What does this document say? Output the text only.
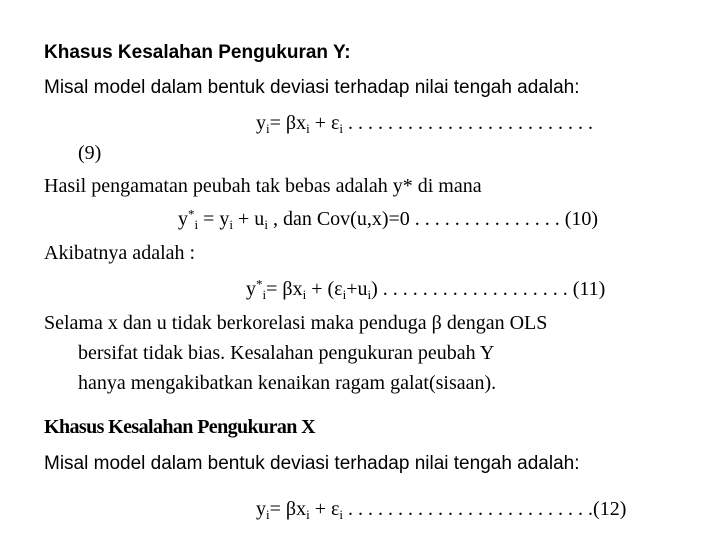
Khasus Kesalahan Pengukuran Y:
Misal model dalam bentuk deviasi terhadap nilai tengah adalah:
$y_i= \beta x_i + \varepsilon_i$ . . . . . . . . . . . . . . . . . . . . . . . . .
(9)
Hasil pengamatan peubah tak bebas adalah y* di mana
$y^*_i = y_i + u_i$ , dan Cov(u,x)=0 . . . . . . . . . . . . . . . (10)
Akibatnya adalah :
$y^*_i= \beta x_i + (\varepsilon_i+u_i)$ . . . . . . . . . . . . . . . . . . . (11)
Selama x dan u tidak berkorelasi maka penduga β dengan OLS
bersifat tidak bias. Kesalahan pengukuran peubah Y
hanya mengakibatkan kenaikan ragam galat(sisaan).
Khasus Kesalahan Pengukuran X
Misal model dalam bentuk deviasi terhadap nilai tengah adalah:
$y_i= \beta x_i + \varepsilon_i$ . . . . . . . . . . . . . . . . . . . . . . . . .(12)
